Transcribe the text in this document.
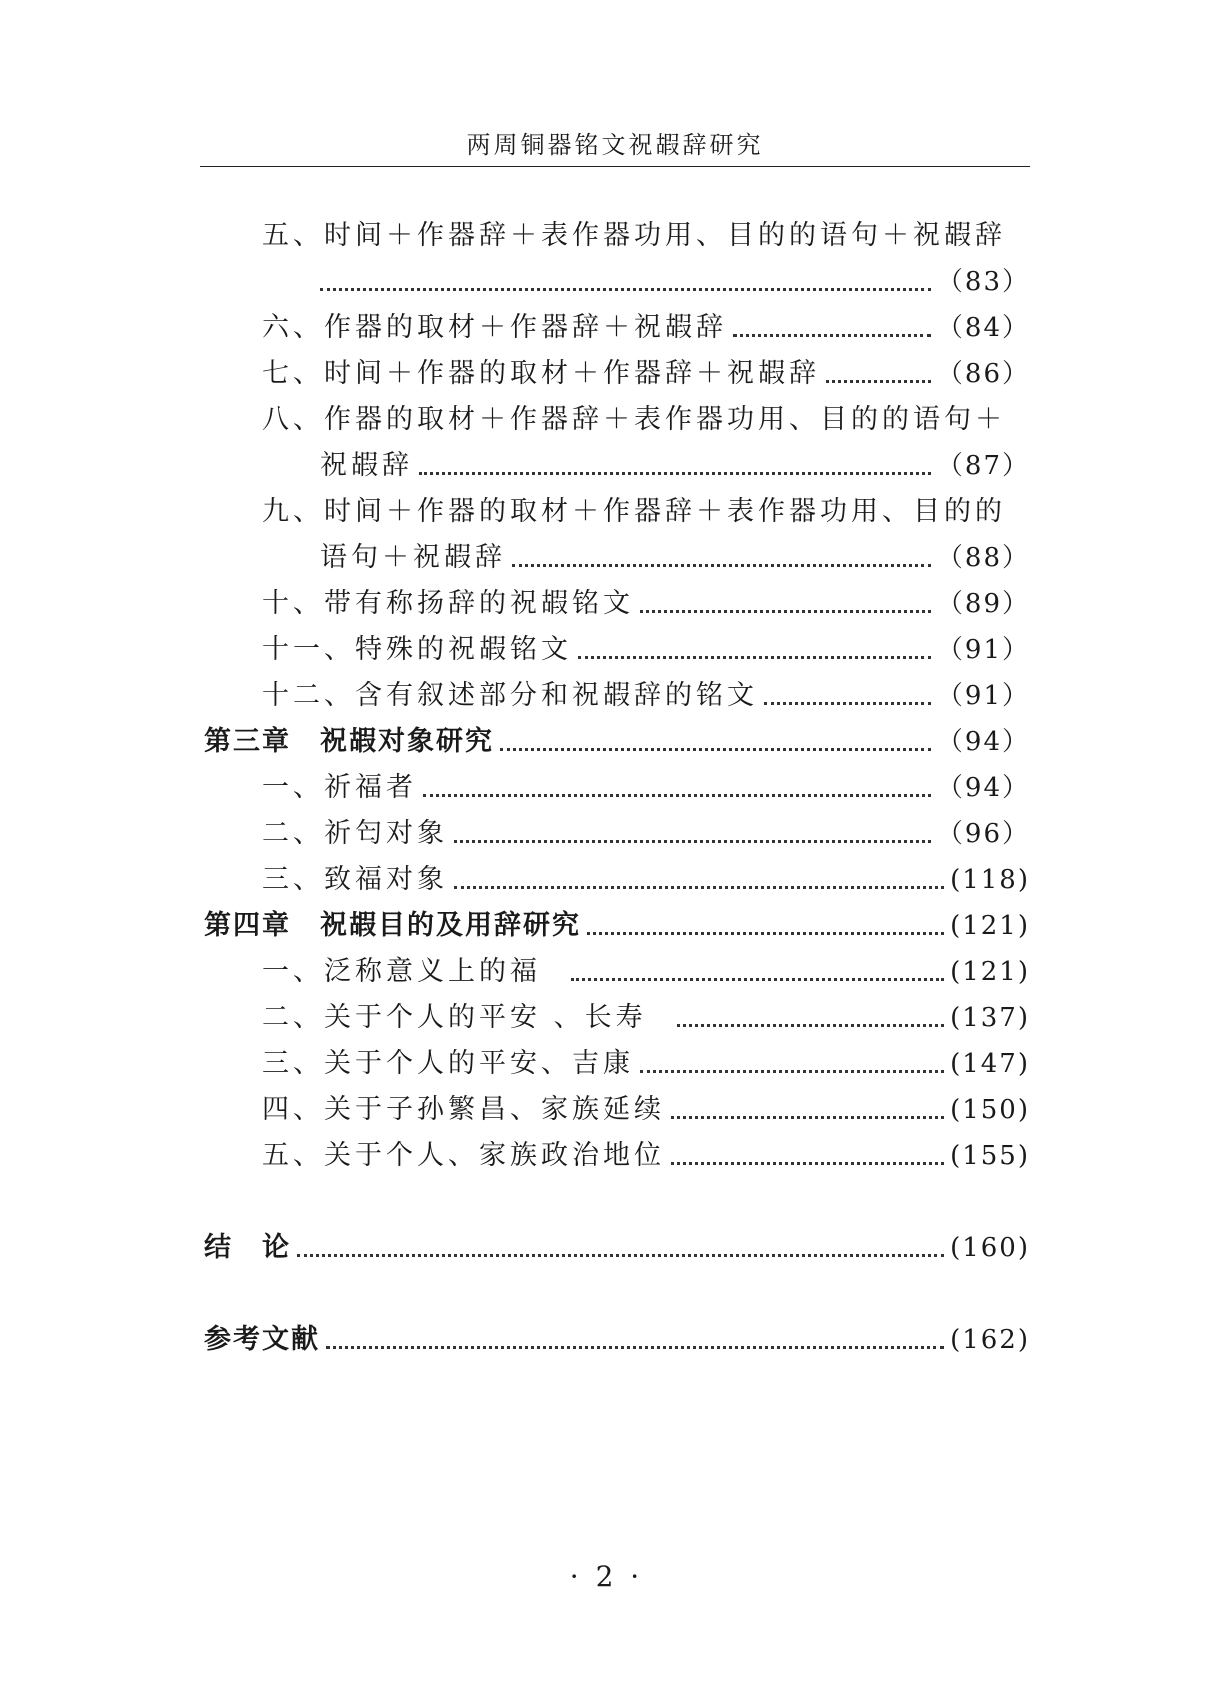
两周铜器铭文祝嘏辞研究
五、时间＋作器辞＋表作器功用、目的的语句＋祝嘏辞
（83）
六、作器的取材＋作器辞＋祝嘏辞	（84）
七、时间＋作器的取材＋作器辞＋祝嘏辞	（86）
八、作器的取材＋作器辞＋表作器功用、目的的语句＋
祝嘏辞	（87）
九、时间＋作器的取材＋作器辞＋表作器功用、目的的
语句＋祝嘏辞	（88）
十、带有称扬辞的祝嘏铭文	（89）
十一、特殊的祝嘏铭文	（91）
十二、含有叙述部分和祝嘏辞的铭文	（91）
第三章　祝嘏对象研究	（94）
一、祈福者	（94）
二、祈匄对象	（96）
三、致福对象	(118)
第四章　祝嘏目的及用辞研究	(121)
一、泛称意义上的福	(121)
二、关于个人的平安 、长寿	(137)
三、关于个人的平安、吉康	(147)
四、关于子孙繁昌、家族延续	(150)
五、关于个人、家族政治地位	(155)
结　论	(160)
参考文献	(162)
· 2 ·
